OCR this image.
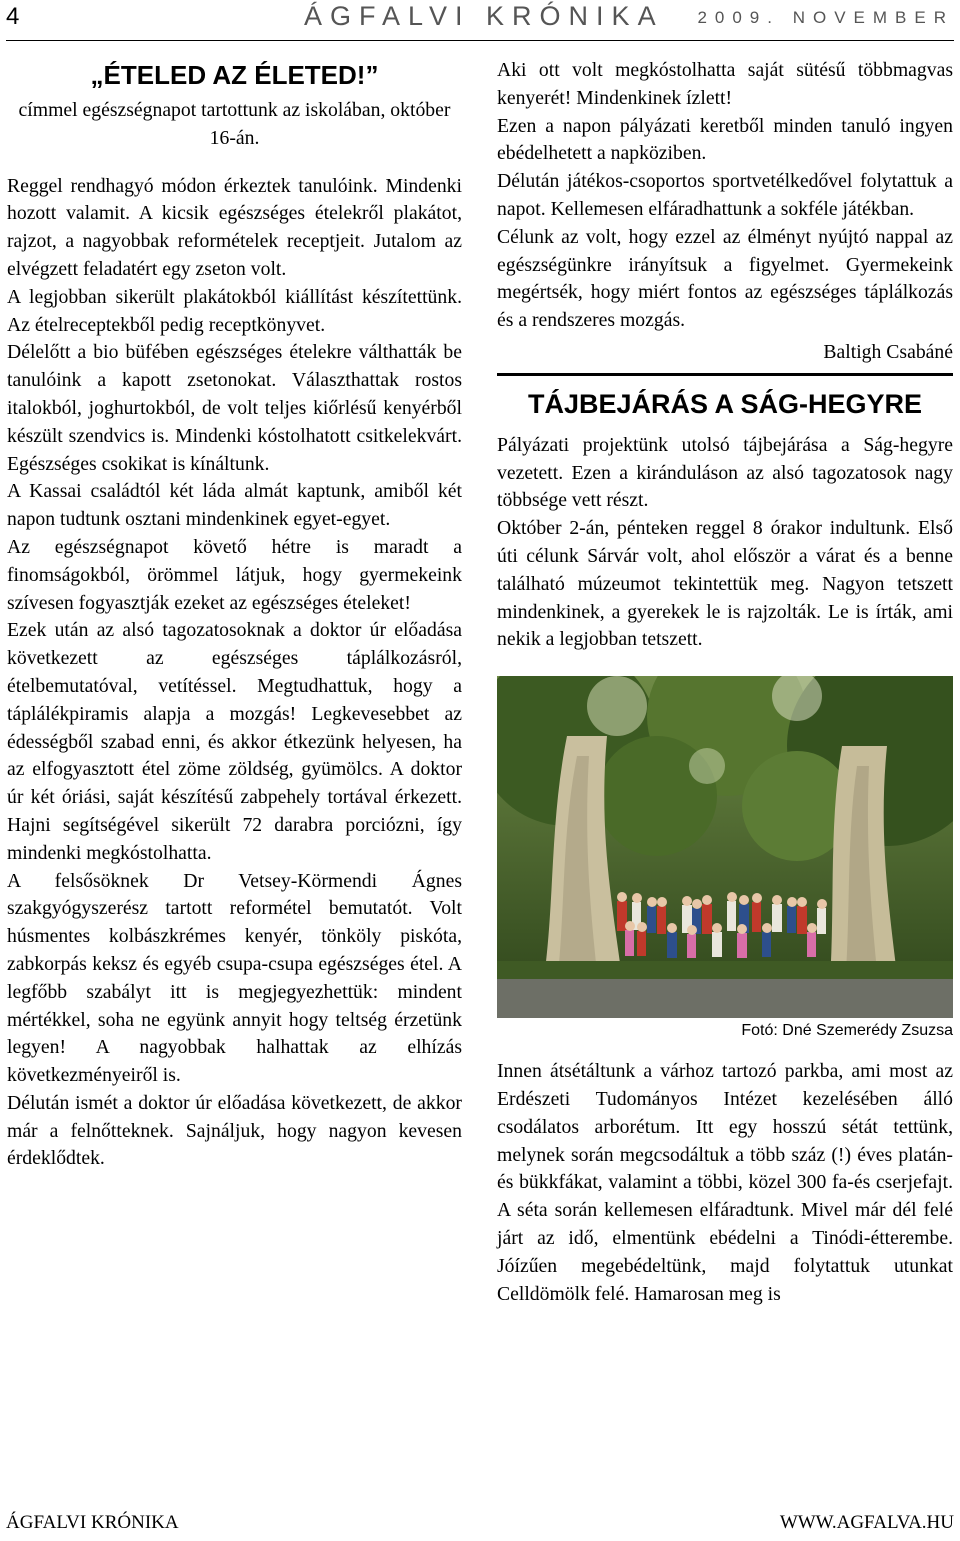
4	ÁGFALVI KRÓNIKA 2009. NOVEMBER
„ÉTELED AZ ÉLETED!”

címmel egészségnapot tartottunk az iskolában, október 16-án.

Reggel rendhagyó módon érkeztek tanulóink. Mindenki hozott valamit. A kicsik egészséges ételekről plakátot, rajzot, a nagyobbak reformételek receptjeit. Jutalom az elvégzett feladatért egy zseton volt.

A legjobban sikerült plakátokból kiállítást készítettünk. Az ételreceptekből pedig receptkönyvet.

Délelőtt a bio büfében egészséges ételekre válthatták be tanulóink a kapott zsetonokat. Választhattak rostos italokból, joghurtokból, de volt teljes kiőrlésű kenyérből készült szendvics is. Mindenki kóstolhatott csitkelekvárt. Egészséges csokikat is kínáltunk.

A Kassai családtól két láda almát kaptunk, amiből két napon tudtunk osztani mindenkinek egyet-egyet.

Az egészségnapot követő hétre is maradt a finomságokból, örömmel látjuk, hogy gyermekeink szívesen fogyasztják ezeket az egészséges ételeket!

Ezek után az alsó tagozatosoknak a doktor úr előadása következett az egészséges táplálkozásról, ételbemutatóval, vetítéssel. Megtudhattuk, hogy a táplálékpiramis alapja a mozgás! Legkevesebbet az édességből szabad enni, és akkor étkezünk helyesen, ha az elfogyasztott étel zöme zöldség, gyümölcs. A doktor úr két óriási, saját készítésű zabpehely tortával érkezett. Hajni segítségével sikerült 72 darabra porciózni, így mindenki megkóstolhatta.

A felsősöknek Dr Vetsey-Körmendi Ágnes szakgyógyszerész tartott reformétel bemutatót. Volt húsmentes kolbászkrémes kenyér, tönköly piskóta, zabkorpás keksz és egyéb csupa-csupa egészséges étel. A legfőbb szabályt itt is megjegyezhettük: mindent mértékkel, soha ne együnk annyit hogy teltség érzetünk legyen! A nagyobbak halhattak az elhízás következményeiről is.

Délután ismét a doktor úr előadása következett, de akkor már a felnőtteknek. Sajnáljuk, hogy nagyon kevesen érdeklődtek.

Aki ott volt megkóstolhatta saját sütésű többmagvas kenyerét! Mindenkinek ízlett!

Ezen a napon pályázati keretből minden tanuló ingyen ebédelhetett a napköziben.

Délután játékos-csoportos sportvetélkedővel folytattuk a napot. Kellemesen elfáradhattunk a sokféle játékban.

Célunk az volt, hogy ezzel az élményt nyújtó nappal az egészségünkre irányítsuk a figyelmet. Gyermekeink megértsék, hogy miért fontos az egészséges táplálkozás és a rendszeres mozgás.

Baltigh Csabáné

TÁJBEJÁRÁS A SÁG-HEGYRE

Pályázati projektünk utolsó tájbejárása a Ság-hegyre vezetett. Ezen a kiránduláson az alsó tagozatosok nagy többsége vett részt.

Október 2-án, pénteken reggel 8 órakor indultunk. Első úti célunk Sárvár volt, ahol először a várat és a benne található múzeumot tekintettük meg. Nagyon tetszett mindenkinek, a gyerekek le is rajzolták. Le is írták, ami nekik a legjobban tetszett.

Fotó: Dné Szemerédy Zsuzsa

Innen átsétáltunk a várhoz tartozó parkba, ami most az Erdészeti Tudományos Intézet kezelésében álló csodálatos arborétum. Itt egy hosszú sétát tettünk, melynek során megcsodáltuk a több száz (!) éves platán- és bükkfákat, valamint a többi, közel 300 fa-és cserjefajt. A séta során kellemesen elfáradtunk. Mivel már dél felé járt az idő, elmentünk ebédelni a Tinódi-étterembe. Jóízűen megebédeltünk, majd folytattuk utunkat Celldömölk felé. Hamarosan meg is

ÁGFALVI KRÓNIKA	WWW.AGFALVA.HU
